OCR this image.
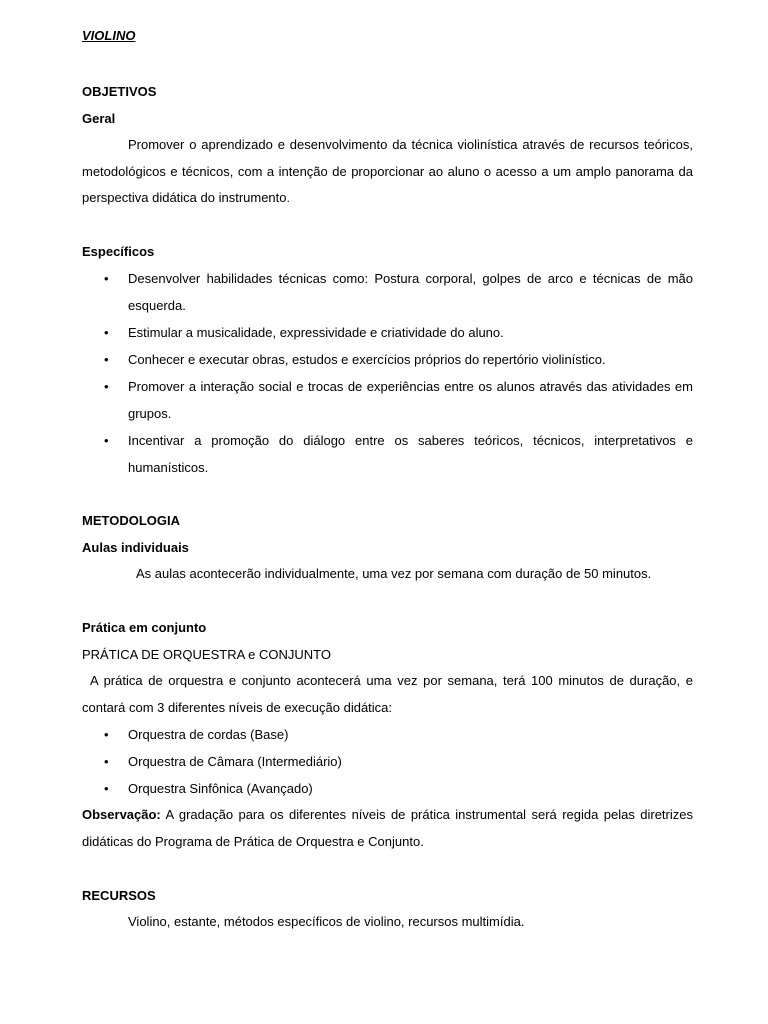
VIOLINO
OBJETIVOS
Geral
Promover o aprendizado e desenvolvimento da técnica violinística através de recursos teóricos, metodológicos e técnicos, com a intenção de proporcionar ao aluno o acesso a um amplo panorama da perspectiva didática do instrumento.
Específicos
• Desenvolver habilidades técnicas como: Postura corporal, golpes de arco e técnicas de mão esquerda.
• Estimular a musicalidade, expressividade e criatividade do aluno.
• Conhecer e executar obras, estudos e exercícios próprios do repertório violinístico.
• Promover a interação social e trocas de experiências entre os alunos através das atividades em grupos.
• Incentivar a promoção do diálogo entre os saberes teóricos, técnicos, interpretativos e humanísticos.
METODOLOGIA
Aulas individuais
As aulas acontecerão individualmente, uma vez por semana com duração de 50 minutos.
Prática em conjunto
PRÁTICA DE ORQUESTRA e CONJUNTO
A prática de orquestra e conjunto acontecerá uma vez por semana, terá 100 minutos de duração, e contará com 3 diferentes níveis de execução didática:
• Orquestra de cordas (Base)
• Orquestra de Câmara (Intermediário)
• Orquestra Sinfônica (Avançado)
Observação: A gradação para os diferentes níveis de prática instrumental será regida pelas diretrizes didáticas do Programa de Prática de Orquestra e Conjunto.
RECURSOS
Violino, estante, métodos específicos de violino, recursos multimídia.
